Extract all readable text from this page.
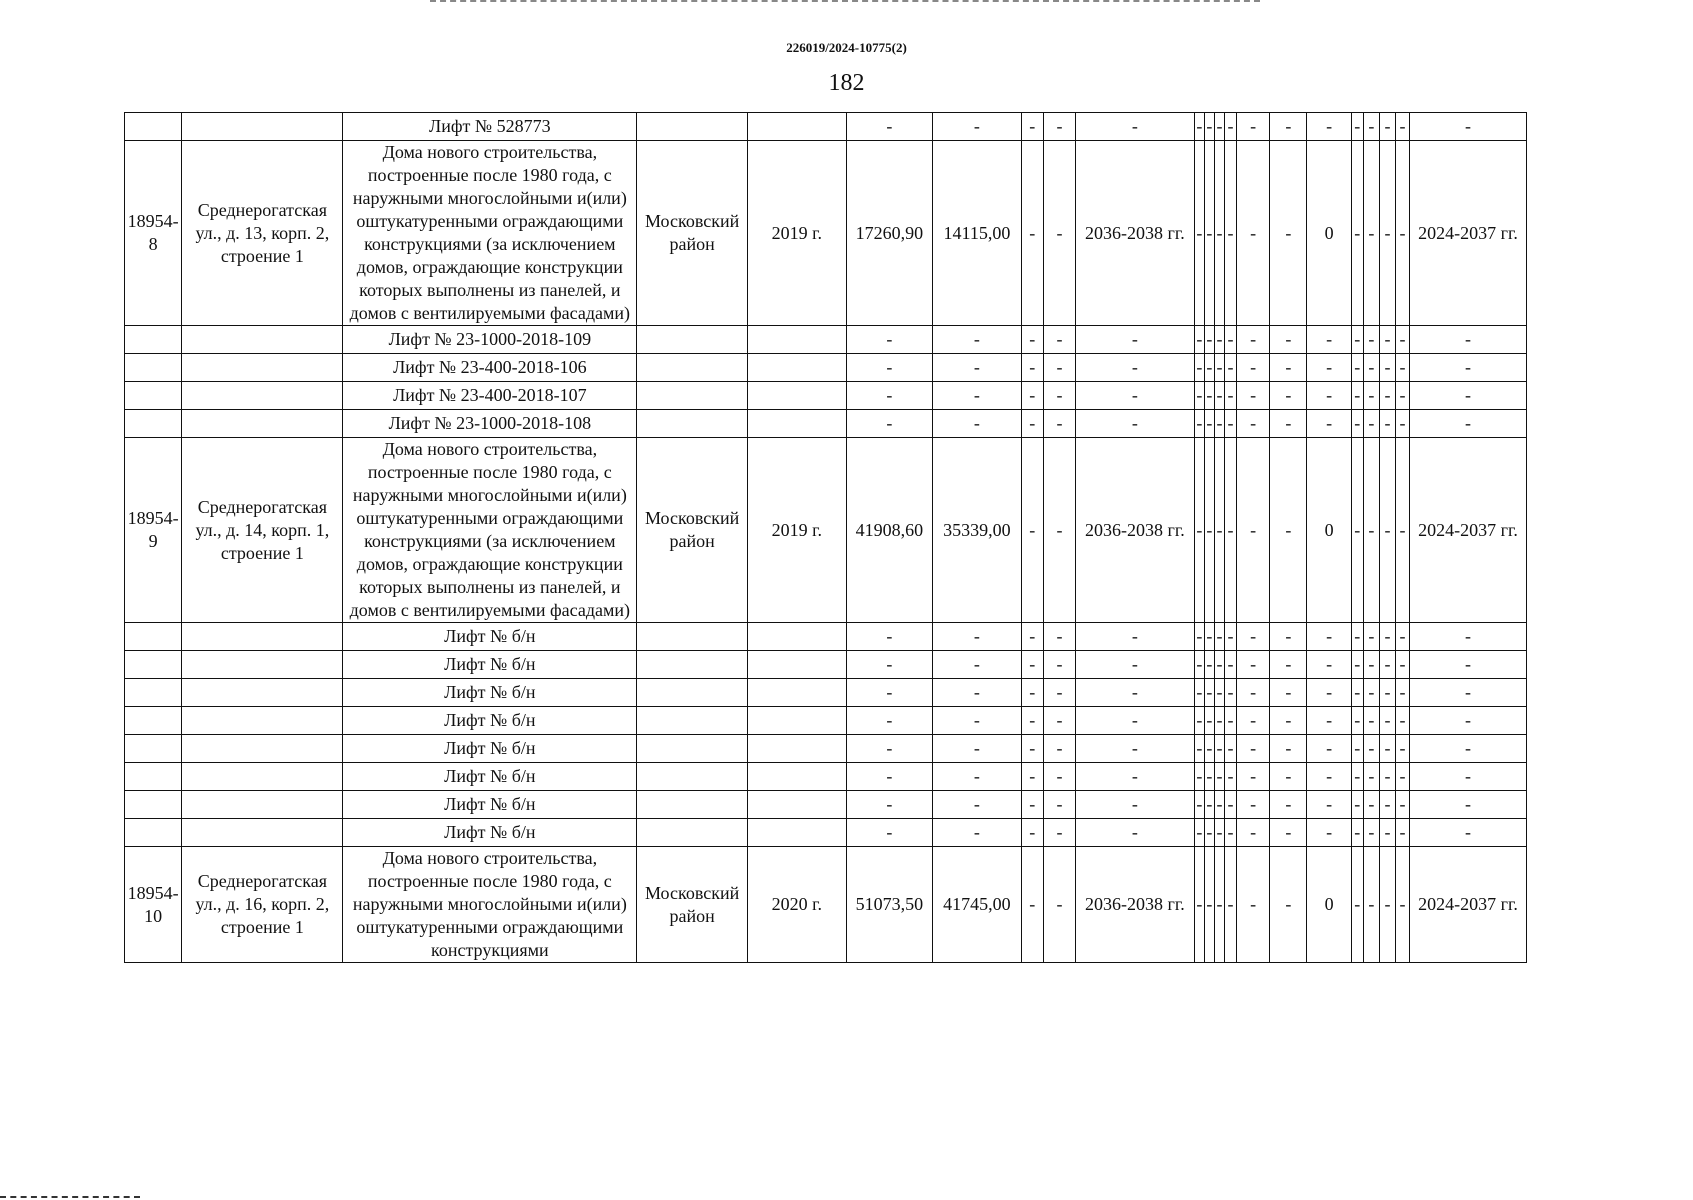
226019/2024-10775(2)
182
		Лифт № 528773			-	-	-	-	-	-	-	-	-	-	-	-	-	-	-	-	-
18954-8	Среднерогатская ул., д. 13, корп. 2, строение 1	Дома нового строительства, построенные после 1980 года, с наружными многослойными и(или) оштукатуренными ограждающими конструкциями (за исключением домов, ограждающие конструкции которых выполнены из панелей, и домов с вентилируемыми фасадами)	Московский район	2019 г.	17260,90	14115,00	-	-	2036-2038 гг.	-	-	-	-	-	-	0	-	-	-	-	2024-2037 гг.
		Лифт № 23-1000-2018-109			-	-	-	-	-	-	-	-	-	-	-	-	-	-	-	-	-
		Лифт № 23-400-2018-106			-	-	-	-	-	-	-	-	-	-	-	-	-	-	-	-	-
		Лифт № 23-400-2018-107			-	-	-	-	-	-	-	-	-	-	-	-	-	-	-	-	-
		Лифт № 23-1000-2018-108			-	-	-	-	-	-	-	-	-	-	-	-	-	-	-	-	-
18954-9	Среднерогатская ул., д. 14, корп. 1, строение 1	Дома нового строительства, построенные после 1980 года, с наружными многослойными и(или) оштукатуренными ограждающими конструкциями (за исключением домов, ограждающие конструкции которых выполнены из панелей, и домов с вентилируемыми фасадами)	Московский район	2019 г.	41908,60	35339,00	-	-	2036-2038 гг.	-	-	-	-	-	-	0	-	-	-	-	2024-2037 гг.
		Лифт № б/н			-	-	-	-	-	-	-	-	-	-	-	-	-	-	-	-	-
		Лифт № б/н			-	-	-	-	-	-	-	-	-	-	-	-	-	-	-	-	-
		Лифт № б/н			-	-	-	-	-	-	-	-	-	-	-	-	-	-	-	-	-
		Лифт № б/н			-	-	-	-	-	-	-	-	-	-	-	-	-	-	-	-	-
		Лифт № б/н			-	-	-	-	-	-	-	-	-	-	-	-	-	-	-	-	-
		Лифт № б/н			-	-	-	-	-	-	-	-	-	-	-	-	-	-	-	-	-
		Лифт № б/н			-	-	-	-	-	-	-	-	-	-	-	-	-	-	-	-	-
		Лифт № б/н			-	-	-	-	-	-	-	-	-	-	-	-	-	-	-	-	-
18954-10	Среднерогатская ул., д. 16, корп. 2, строение 1	Дома нового строительства, построенные после 1980 года, с наружными многослойными и(или) оштукатуренными ограждающими конструкциями	Московский район	2020 г.	51073,50	41745,00	-	-	2036-2038 гг.	-	-	-	-	-	-	0	-	-	-	-	2024-2037 гг.
